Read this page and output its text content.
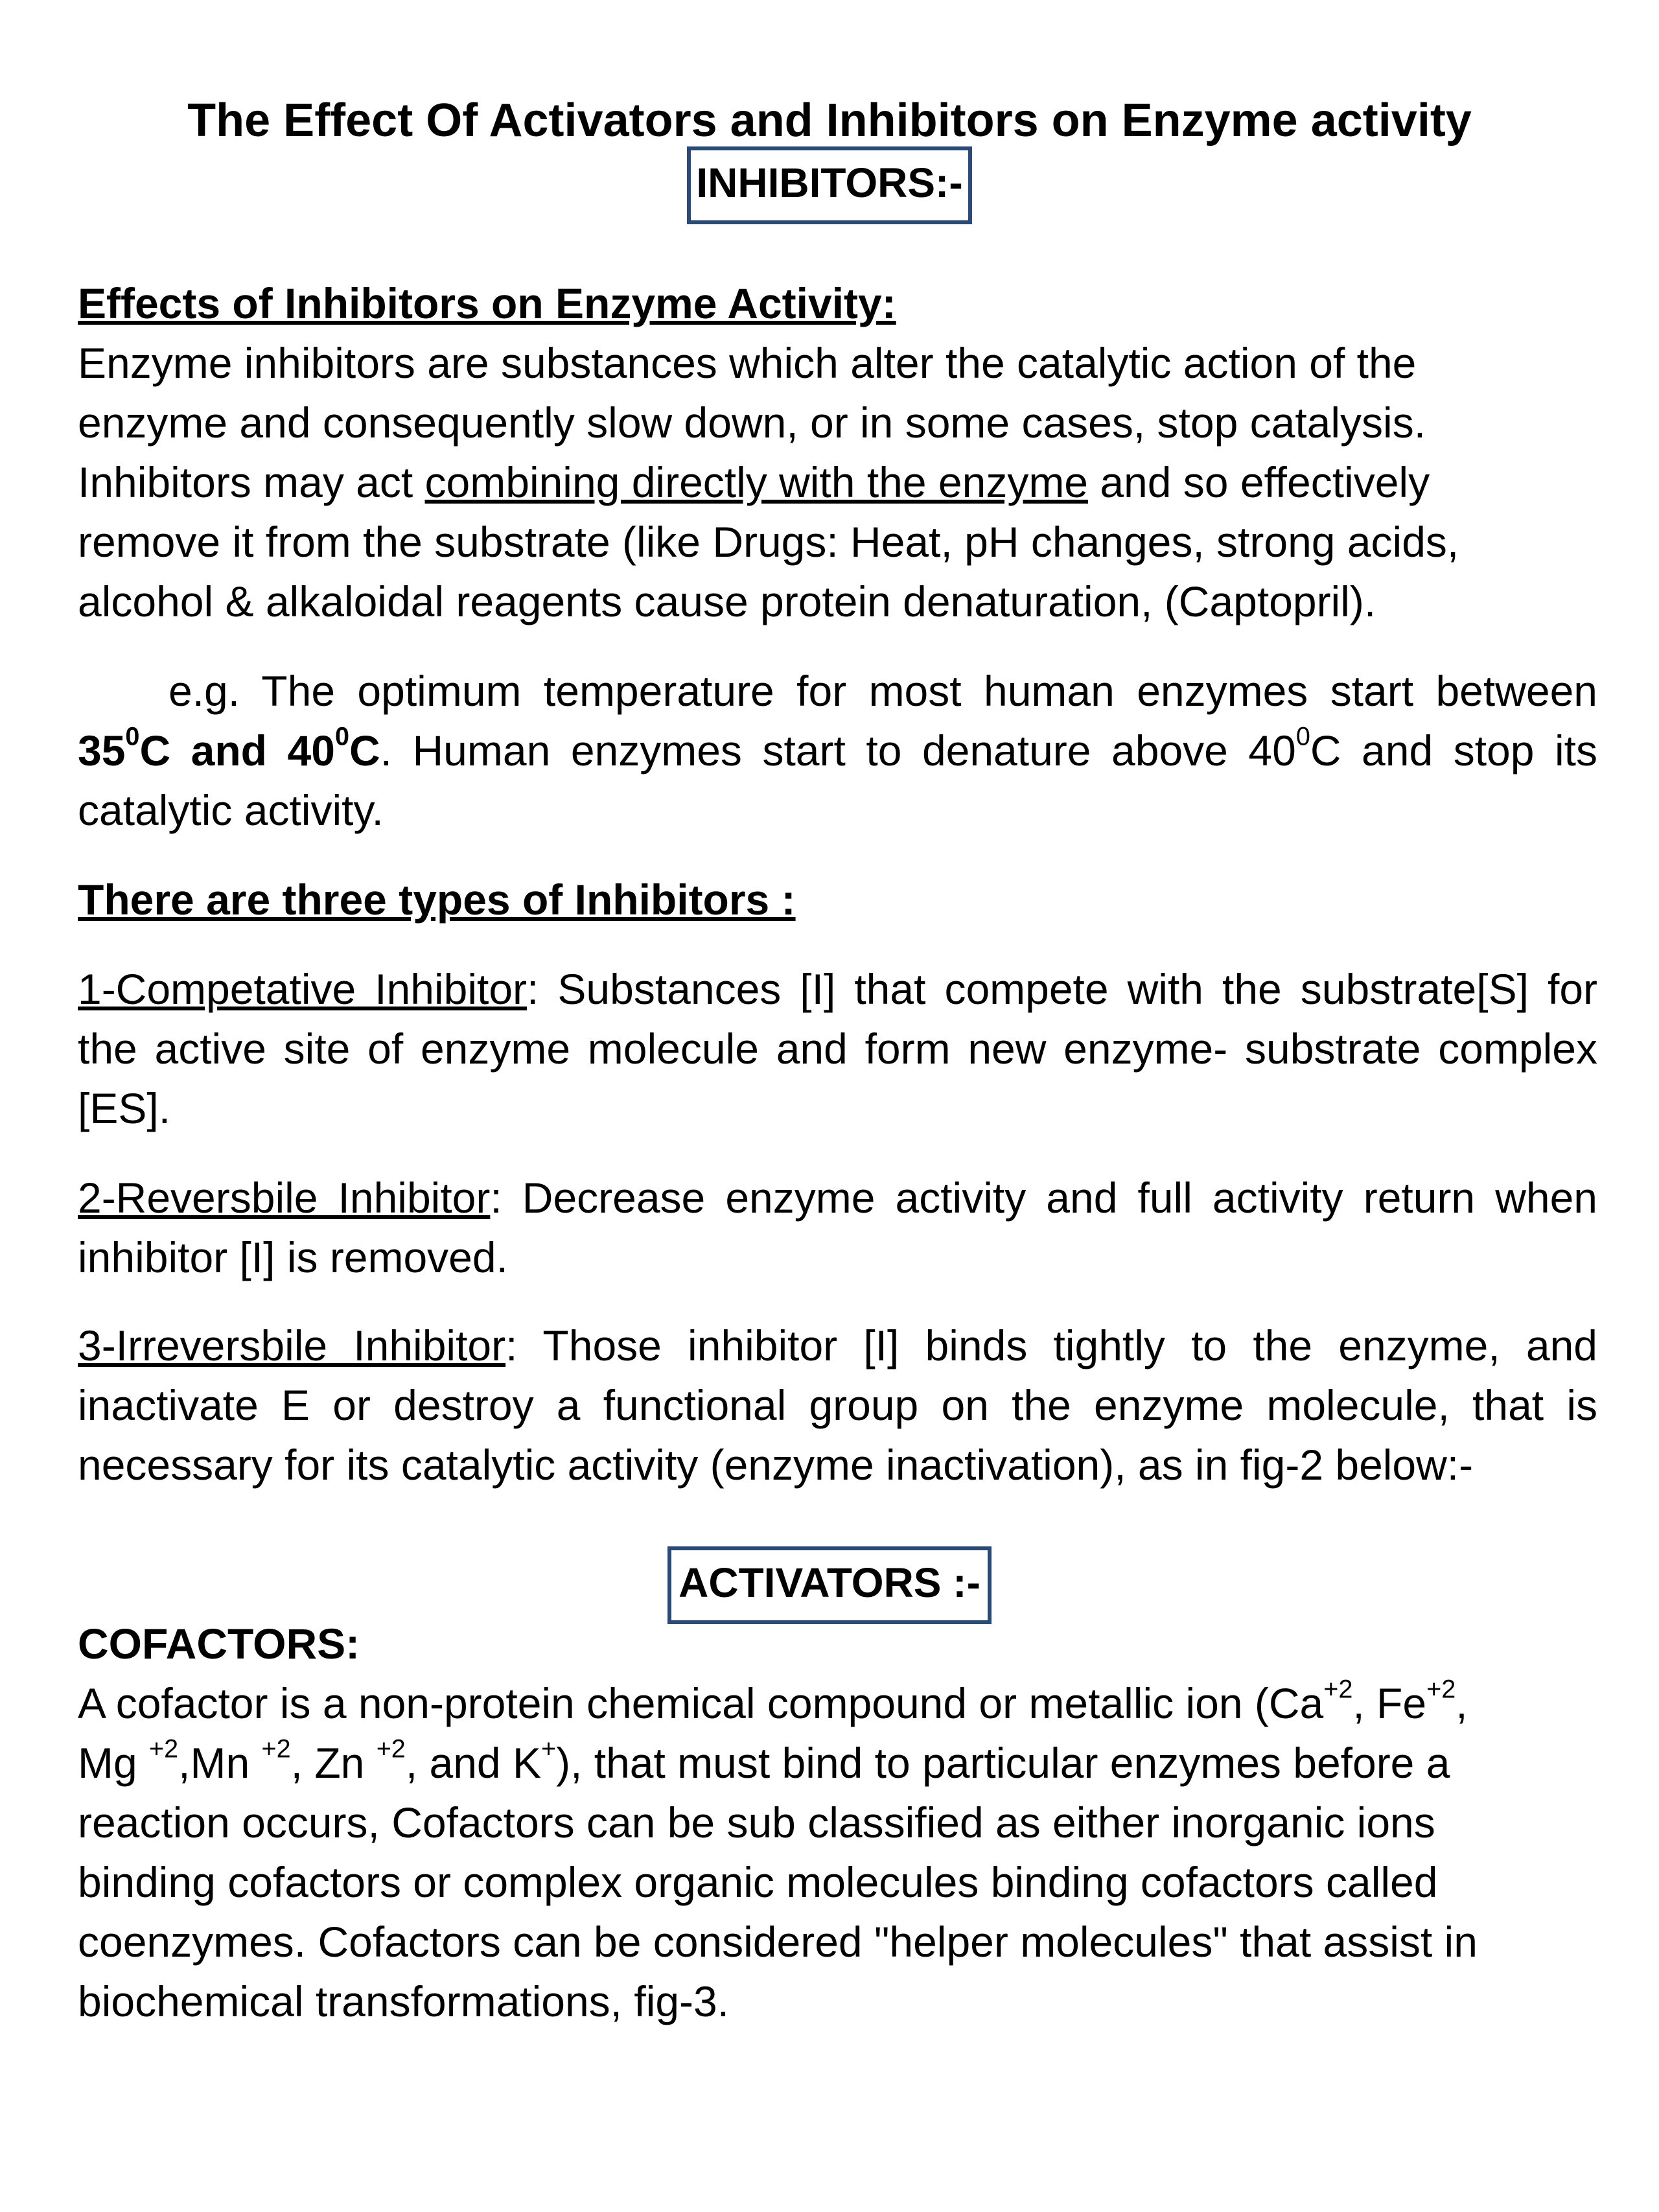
The Effect Of Activators and Inhibitors on Enzyme activity
INHIBITORS:-
Effects of Inhibitors on Enzyme Activity:
Enzyme inhibitors are substances which alter the catalytic action of the
enzyme and consequently slow down, or in some cases, stop catalysis.
Inhibitors may act combining directly with the enzyme and so effectively
remove it from the substrate (like Drugs: Heat, pH changes, strong acids,
alcohol & alkaloidal reagents cause protein denaturation, (Captopril).
e.g. The optimum temperature for most human enzymes start between $35^0C$ and $40^0C$. Human enzymes start to denature above $40^0C$ and stop its catalytic activity.
There are three types of Inhibitors :
1-Competative Inhibitor: Substances [I] that compete with the substrate[S] for the active site of enzyme molecule and form new enzyme- substrate complex [ES].
2-Reversbile Inhibitor: Decrease enzyme activity and full activity return when inhibitor [I] is removed.
3-Irreversbile Inhibitor: Those inhibitor [I] binds tightly to the enzyme, and inactivate E or destroy a functional group on the enzyme molecule, that is necessary for its catalytic activity (enzyme inactivation), as in fig-2 below:-
ACTIVATORS :-
COFACTORS:
A cofactor is a non-protein chemical compound or metallic ion ($Ca^{+2}$, $Fe^{+2}$,
Mg $^{+2}$,Mn $^{+2}$, Zn $^{+2}$, and K+), that must bind to particular enzymes before a
reaction occurs, Cofactors can be sub classified as either inorganic ions
binding cofactors or complex organic molecules binding cofactors called
coenzymes. Cofactors can be considered "helper molecules" that assist in
biochemical transformations, fig-3.
